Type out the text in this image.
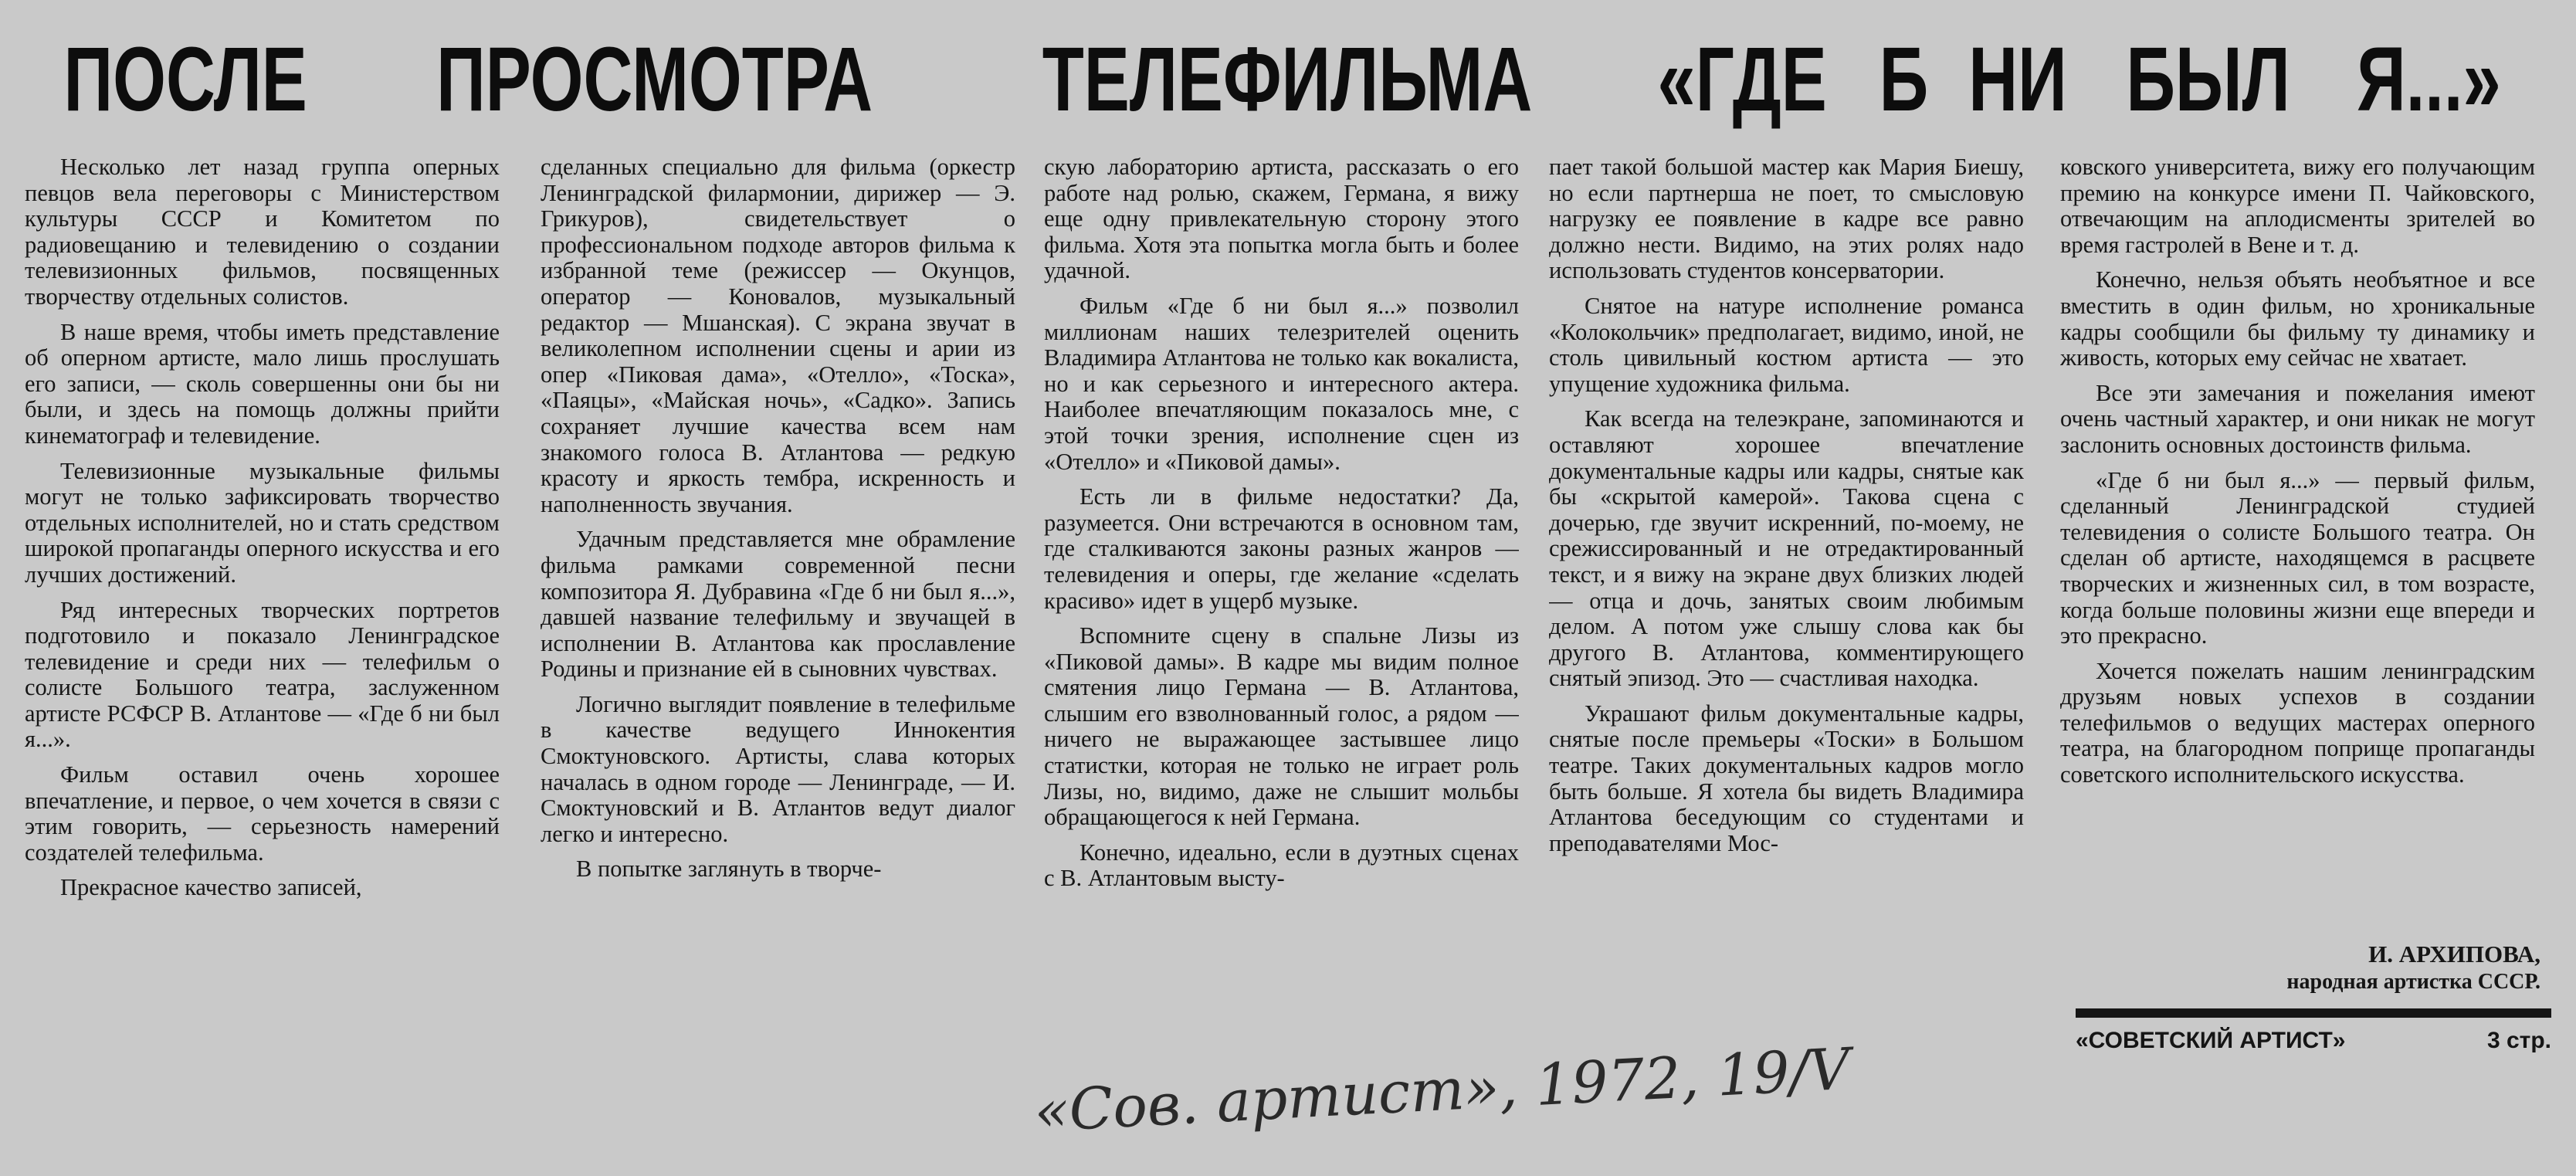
ПОСЛЕ ПРОСМОТРА ТЕЛЕФИЛЬМА «ГДЕ Б НИ БЫЛ Я...»

Несколько лет назад группа оперных певцов вела переговоры с Министерством культуры СССР и Комитетом по радиовещанию и телевидению о создании телевизионных фильмов, посвященных творчеству отдельных солистов.

В наше время, чтобы иметь представление об оперном артисте, мало лишь прослушать его записи, — сколь совершенны они бы ни были, и здесь на помощь должны прийти кинематограф и телевидение.

Телевизионные музыкальные фильмы могут не только зафиксировать творчество отдельных исполнителей, но и стать средством широкой пропаганды оперного искусства и его лучших достижений.

Ряд интересных творческих портретов подготовило и показало Ленинградское телевидение и среди них — телефильм о солисте Большого театра, заслуженном артисте РСФСР В. Атлантове — «Где б ни был я...».

Фильм оставил очень хорошее впечатление, и первое, о чем хочется в связи с этим говорить, — серьезность намерений создателей телефильма.

Прекрасное качество записей,

сделанных специально для фильма (оркестр Ленинградской филармонии, дирижер — Э. Грикуров), свидетельствует о профессиональном подходе авторов фильма к избранной теме (режиссер — Окунцов, оператор — Коновалов, музыкальный редактор — Мшанская). С экрана звучат в великолепном исполнении сцены и арии из опер «Пиковая дама», «Отелло», «Тоска», «Паяцы», «Майская ночь», «Садко». Запись сохраняет лучшие качества всем нам знакомого голоса В. Атлантова — редкую красоту и яркость тембра, искренность и наполненность звучания.

Удачным представляется мне обрамление фильма рамками современной песни композитора Я. Дубравина «Где б ни был я...», давшей название телефильму и звучащей в исполнении В. Атлантова как прославление Родины и признание ей в сыновних чувствах.

Логично выглядит появление в телефильме в качестве ведущего Иннокентия Смоктуновского. Артисты, слава которых началась в одном городе — Ленинграде, — И. Смоктуновский и В. Атлантов ведут диалог легко и интересно.

В попытке заглянуть в творче-

скую лабораторию артиста, рассказать о его работе над ролью, скажем, Германа, я вижу еще одну привлекательную сторону этого фильма. Хотя эта попытка могла быть и более удачной.

Фильм «Где б ни был я...» позволил миллионам наших телезрителей оценить Владимира Атлантова не только как вокалиста, но и как серьезного и интересного актера. Наиболее впечатляющим показалось мне, с этой точки зрения, исполнение сцен из «Отелло» и «Пиковой дамы».

Есть ли в фильме недостатки? Да, разумеется. Они встречаются в основном там, где сталкиваются законы разных жанров — телевидения и оперы, где желание «сделать красиво» идет в ущерб музыке.

Вспомните сцену в спальне Лизы из «Пиковой дамы». В кадре мы видим полное смятения лицо Германа — В. Атлантова, слышим его взволнованный голос, а рядом — ничего не выражающее застывшее лицо статистки, которая не только не играет роль Лизы, но, видимо, даже не слышит мольбы обращающегося к ней Германа.

Конечно, идеально, если в дуэтных сценах с В. Атлантовым высту-

пает такой большой мастер как Мария Биешу, но если партнерша не поет, то смысловую нагрузку ее появление в кадре все равно должно нести. Видимо, на этих ролях надо использовать студентов консерватории.

Снятое на натуре исполнение романса «Колокольчик» предполагает, видимо, иной, не столь цивильный костюм артиста — это упущение художника фильма.

Как всегда на телеэкране, запоминаются и оставляют хорошее впечатление документальные кадры или кадры, снятые как бы «скрытой камерой». Такова сцена с дочерью, где звучит искренний, по-моему, не срежиссированный и не отредактированный текст, и я вижу на экране двух близких людей — отца и дочь, занятых своим любимым делом. А потом уже слышу слова как бы другого В. Атлантова, комментирующего снятый эпизод. Это — счастливая находка.

Украшают фильм документальные кадры, снятые после премьеры «Тоски» в Большом театре. Таких документальных кадров могло быть больше. Я хотела бы видеть Владимира Атлантова беседующим со студентами и преподавателями Мос-

ковского университета, вижу его получающим премию на конкурсе имени П. Чайковского, отвечающим на аплодисменты зрителей во время гастролей в Вене и т. д.

Конечно, нельзя объять необъятное и все вместить в один фильм, но хроникальные кадры сообщили бы фильму ту динамику и живость, которых ему сейчас не хватает.

Все эти замечания и пожелания имеют очень частный характер, и они никак не могут заслонить основных достоинств фильма.

«Где б ни был я...» — первый фильм, сделанный Ленинградской студией телевидения о солисте Большого театра. Он сделан об артисте, находящемся в расцвете творческих и жизненных сил, в том возрасте, когда больше половины жизни еще впереди и это прекрасно.

Хочется пожелать нашим ленинградским друзьям новых успехов в создании телефильмов о ведущих мастерах оперного театра, на благородном поприще пропаганды советского исполнительского искусства.

И. АРХИПОВА,
народная артистка СССР.
«СОВЕТСКИЙ АРТИСТ»	3 стр.
«Сов. артист», 1972, 19/V
